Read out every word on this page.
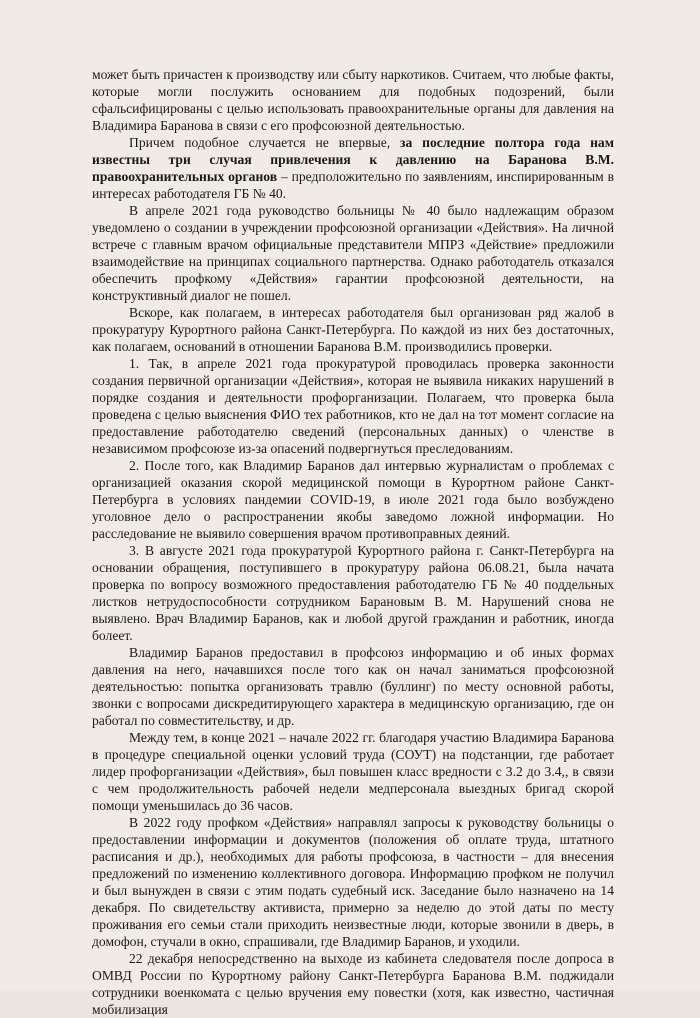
может быть причастен к производству или сбыту наркотиков. Считаем, что любые факты, которые могли послужить основанием для подобных подозрений, были сфальсифицированы с целью использовать правоохранительные органы для давления на Владимира Баранова в связи с его профсоюзной деятельностью.

Причем подобное случается не впервые, за последние полтора года нам известны три случая привлечения к давлению на Баранова В.М. правоохранительных органов – предположительно по заявлениям, инспирированным в интересах работодателя ГБ № 40.

В апреле 2021 года руководство больницы № 40 было надлежащим образом уведомлено о создании в учреждении профсоюзной организации «Действия». На личной встрече с главным врачом официальные представители МПРЗ «Действие» предложили взаимодействие на принципах социального партнерства. Однако работодатель отказался обеспечить профкому «Действия» гарантии профсоюзной деятельности, на конструктивный диалог не пошел.

Вскоре, как полагаем, в интересах работодателя был организован ряд жалоб в прокуратуру Курортного района Санкт-Петербурга. По каждой из них без достаточных, как полагаем, оснований в отношении Баранова В.М. производились проверки.

1. Так, в апреле 2021 года прокуратурой проводилась проверка законности создания первичной организации «Действия», которая не выявила никаких нарушений в порядке создания и деятельности профорганизации. Полагаем, что проверка была проведена с целью выяснения ФИО тех работников, кто не дал на тот момент согласие на предоставление работодателю сведений (персональных данных) о членстве в независимом профсоюзе из-за опасений подвергнуться преследованиям.

2. После того, как Владимир Баранов дал интервью журналистам о проблемах с организацией оказания скорой медицинской помощи в Курортном районе Санкт-Петербурга в условиях пандемии COVID-19, в июле 2021 года было возбуждено уголовное дело о распространении якобы заведомо ложной информации. Но расследование не выявило совершения врачом противоправных деяний.

3. В августе 2021 года прокуратурой Курортного района г. Санкт-Петербурга на основании обращения, поступившего в прокуратуру района 06.08.21, была начата проверка по вопросу возможного предоставления работодателю ГБ № 40 поддельных листков нетрудоспособности сотрудником Барановым В. М. Нарушений снова не выявлено. Врач Владимир Баранов, как и любой другой гражданин и работник, иногда болеет.

Владимир Баранов предоставил в профсоюз информацию и об иных формах давления на него, начавшихся после того как он начал заниматься профсоюзной деятельностью: попытка организовать травлю (буллинг) по месту основной работы, звонки с вопросами дискредитирующего характера в медицинскую организацию, где он работал по совместительству, и др.

Между тем, в конце 2021 – начале 2022 гг. благодаря участию Владимира Баранова в процедуре специальной оценки условий труда (СОУТ) на подстанции, где работает лидер профорганизации «Действия», был повышен класс вредности с 3.2 до 3.4,, в связи с чем продолжительность рабочей недели медперсонала выездных бригад скорой помощи уменьшилась до 36 часов.

В 2022 году профком «Действия» направлял запросы к руководству больницы о предоставлении информации и документов (положения об оплате труда, штатного расписания и др.), необходимых для работы профсоюза, в частности – для внесения предложений по изменению коллективного договора. Информацию профком не получил и был вынужден в связи с этим подать судебный иск. Заседание было назначено на 14 декабря. По свидетельству активиста, примерно за неделю до этой даты по месту проживания его семьи стали приходить неизвестные люди, которые звонили в дверь, в домофон, стучали в окно, спрашивали, где Владимир Баранов, и уходили.

22 декабря непосредственно на выходе из кабинета следователя после допроса в ОМВД России по Курортному району Санкт-Петербурга Баранова В.М. поджидали сотрудники военкомата с целью вручения ему повестки (хотя, как известно, частичная мобилизация
